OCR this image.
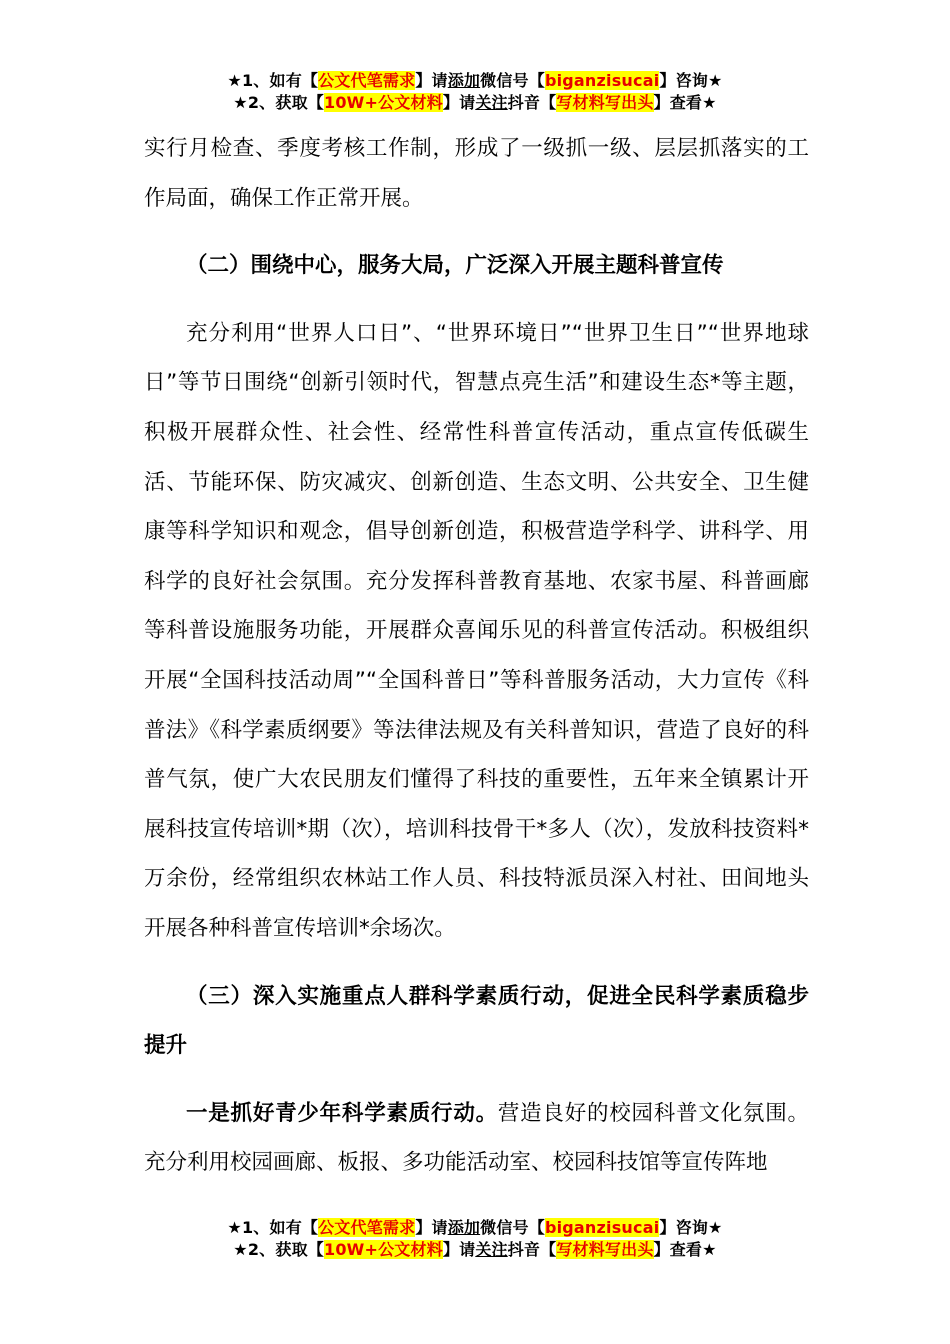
★1、如有【公文代笔需求】请添加微信号【biganzisucai】咨询★
★2、获取【10W+公文材料】请关注抖音【写材料写出头】查看★

实行月检查、季度考核工作制，形成了一级抓一级、层层抓落实的工作局面，确保工作正常开展。

（二）围绕中心，服务大局，广泛深入开展主题科普宣传

充分利用“世界人口日”、“世界环境日”“世界卫生日”“世界地球日”等节日围绕“创新引领时代，智慧点亮生活”和建设生态*等主题，积极开展群众性、社会性、经常性科普宣传活动，重点宣传低碳生活、节能环保、防灾减灾、创新创造、生态文明、公共安全、卫生健康等科学知识和观念，倡导创新创造，积极营造学科学、讲科学、用科学的良好社会氛围。充分发挥科普教育基地、农家书屋、科普画廊等科普设施服务功能，开展群众喜闻乐见的科普宣传活动。积极组织开展“全国科技活动周”“全国科普日”等科普服务活动，大力宣传《科普法》《科学素质纲要》等法律法规及有关科普知识，营造了良好的科普气氛，使广大农民朋友们懂得了科技的重要性，五年来全镇累计开展科技宣传培训*期（次），培训科技骨干*多人（次），发放科技资料*万余份，经常组织农林站工作人员、科技特派员深入村社、田间地头开展各种科普宣传培训*余场次。

（三）深入实施重点人群科学素质行动，促进全民科学素质稳步提升

一是抓好青少年科学素质行动。营造良好的校园科普文化氛围。充分利用校园画廊、板报、多功能活动室、校园科技馆等宣传阵地

★1、如有【公文代笔需求】请添加微信号【biganzisucai】咨询★
★2、获取【10W+公文材料】请关注抖音【写材料写出头】查看★
